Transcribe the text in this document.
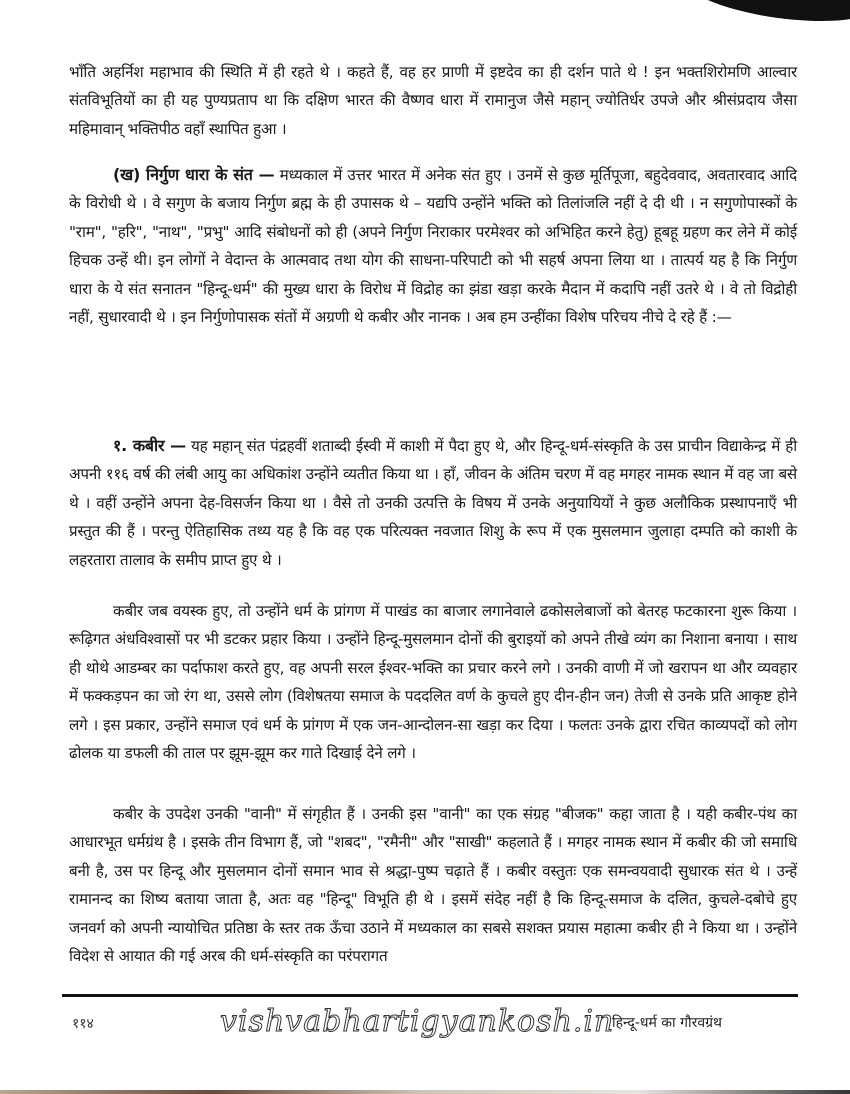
भाँति अहर्निश महाभाव की स्थिति में ही रहते थे । कहते हैं, वह हर प्राणी में इष्टदेव का ही दर्शन पाते थे ! इन भक्तशिरोमणि आल्वार संतविभूतियों का ही यह पुण्यप्रताप था कि दक्षिण भारत की वैष्णव धारा में रामानुज जैसे महान् ज्योतिर्धर उपजे और श्रीसंप्रदाय जैसा महिमावान् भक्तिपीठ वहाँ स्थापित हुआ ।

(ख) निर्गुण धारा के संत — मध्यकाल में उत्तर भारत में अनेक संत हुए । उनमें से कुछ मूर्तिपूजा, बहुदेववाद, अवतारवाद आदि के विरोधी थे । वे सगुण के बजाय निर्गुण ब्रह्म के ही उपासक थे – यद्यपि उन्होंने भक्ति को तिलांजलि नहीं दे दी थी । न सगुणोपास्कों के "राम", "हरि", "नाथ", "प्रभु" आदि संबोधनों को ही (अपने निर्गुण निराकार परमेश्वर को अभिहित करने हेतु) हूबहू ग्रहण कर लेने में कोई हिचक उन्हें थी। इन लोगों ने वेदान्त के आत्मवाद तथा योग की साधना-परिपाटी को भी सहर्ष अपना लिया था । तात्पर्य यह है कि निर्गुण धारा के ये संत सनातन "हिन्दू-धर्म" की मुख्य धारा के विरोध में विद्रोह का झंडा खड़ा करके मैदान में कदापि नहीं उतरे थे । वे तो विद्रोही नहीं, सुधारवादी थे । इन निर्गुणोपासक संतों में अग्रणी थे कबीर और नानक । अब हम उन्हींका विशेष परिचय नीचे दे रहे हैं :—

१. कबीर — यह महान् संत पंद्रहवीं शताब्दी ईस्वी में काशी में पैदा हुए थे, और हिन्दू-धर्म-संस्कृति के उस प्राचीन विद्याकेन्द्र में ही अपनी ११६ वर्ष की लंबी आयु का अधिकांश उन्होंने व्यतीत किया था । हाँ, जीवन के अंतिम चरण में वह मगहर नामक स्थान में वह जा बसे थे । वहीं उन्होंने अपना देह-विसर्जन किया था । वैसे तो उनकी उत्पत्ति के विषय में उनके अनुयायियों ने कुछ अलौकिक प्रस्थापनाएँ भी प्रस्तुत की हैं । परन्तु ऐतिहासिक तथ्य यह है कि वह एक परित्यक्त नवजात शिशु के रूप में एक मुसलमान जुलाहा दम्पति को काशी के लहरतारा तालाव के समीप प्राप्त हुए थे ।

कबीर जब वयस्क हुए, तो उन्होंने धर्म के प्रांगण में पाखंड का बाजार लगानेवाले ढकोसलेबाजों को बेतरह फटकारना शुरू किया । रूढ़िगत अंधविश्वासों पर भी डटकर प्रहार किया । उन्होंने हिन्दू-मुसलमान दोनों की बुराइयों को अपने तीखे व्यंग का निशाना बनाया । साथ ही थोथे आडम्बर का पर्दाफाश करते हुए, वह अपनी सरल ईश्वर-भक्ति का प्रचार करने लगे । उनकी वाणी में जो खरापन था और व्यवहार में फक्कड़पन का जो रंग था, उससे लोग (विशेषतया समाज के पददलित वर्ण के कुचले हुए दीन-हीन जन) तेजी से उनके प्रति आकृष्ट होने लगे । इस प्रकार, उन्होंने समाज एवं धर्म के प्रांगण में एक जन-आन्दोलन-सा खड़ा कर दिया । फलतः उनके द्वारा रचित काव्यपदों को लोग ढोलक या डफली की ताल पर झूम-झूम कर गाते दिखाई देने लगे ।

कबीर के उपदेश उनकी "वानी" में संगृहीत हैं । उनकी इस "वानी" का एक संग्रह "बीजक" कहा जाता है । यही कबीर-पंथ का आधारभूत धर्मग्रंथ है । इसके तीन विभाग हैं, जो "शबद", "रमैनी" और "साखी" कहलाते हैं । मगहर नामक स्थान में कबीर की जो समाधि बनी है, उस पर हिन्दू और मुसलमान दोनों समान भाव से श्रद्धा-पुष्प चढ़ाते हैं । कबीर वस्तुतः एक समन्वयवादी सुधारक संत थे । उन्हें रामानन्द का शिष्य बताया जाता है, अतः वह "हिन्दू" विभूति ही थे । इसमें संदेह नहीं है कि हिन्दू-समाज के दलित, कुचले-दबोचे हुए जनवर्ग को अपनी न्यायोचित प्रतिष्ठा के स्तर तक ऊँचा उठाने में मध्यकाल का सबसे सशक्त प्रयास महात्मा कबीर ही ने किया था । उन्होंने विदेश से आयात की गई अरब की धर्म-संस्कृति का परंपरागत

११४	vishvabhartigyankosh.in
हिन्दू-धर्म का गौरवग्रंथ
